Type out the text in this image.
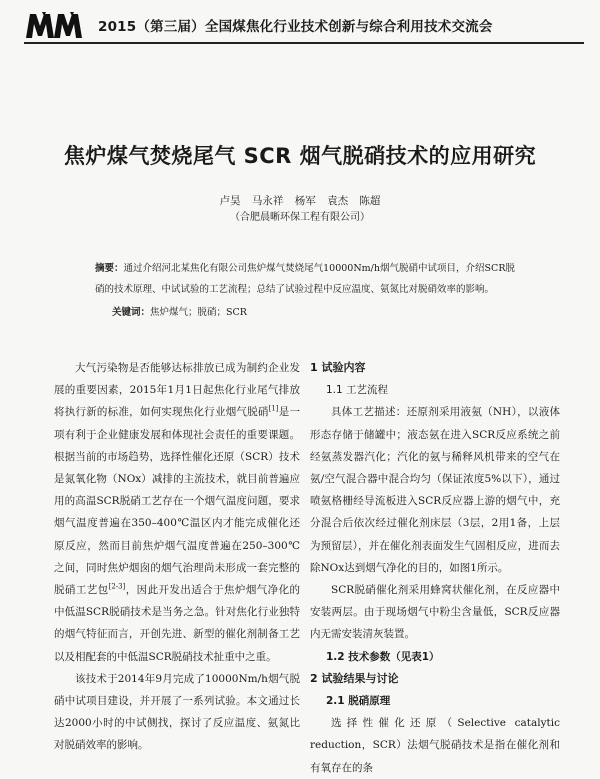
2015（第三届）全国煤焦化行业技术创新与综合利用技术交流会
焦炉煤气焚烧尾气 SCR 烟气脱硝技术的应用研究
卢昊 马永祥 杨军 袁杰 陈超
（合肥晨晰环保工程有限公司）
摘要：通过介绍河北某焦化有限公司焦炉煤气焚烧尾气10000Nm/h烟气脱硝中试项目，介绍SCR脱硝的技术原理、中试试验的工艺流程；总结了试验过程中反应温度、氨氮比对脱硝效率的影响。
关键词：焦炉煤气；脱硝；SCR

大气污染物是否能够达标排放已成为制约企业发展的重要因素，2015年1月1日起焦化行业尾气排放将执行新的标准，如何实现焦化行业烟气脱硝[1]是一项有利于企业健康发展和体现社会责任的重要课题。根据当前的市场趋势，选择性催化还原（SCR）技术是氮氧化物（NOx）减排的主流技术，就目前普遍应用的高温SCR脱硝工艺存在一个烟气温度问题，要求烟气温度普遍在350–400℃温区内才能完成催化还原反应，然而目前焦炉烟气温度普遍在250–300℃之间，同时焦炉烟囱的烟气治理尚未形成一套完整的脱硝工艺包[2-3]，因此开发出适合于焦炉烟气净化的中低温SCR脱硝技术是当务之急。针对焦化行业独特的烟气特征而言，开创先进、新型的催化剂制备工艺以及相配套的中低温SCR脱硝技术扯重中之重。

该技术于2014年9月完成了10000Nm/h烟气脱硝中试项目建设，并开展了一系列试验。本文通过长达2000小时的中试侧找，探讨了反应温度、氨氮比对脱硝效率的影响。

1 试验内容
1.1 工艺流程

具体工艺描述：还原剂采用液氨（NH），以液体形态存储于储罐中；液态氨在进入SCR反应系统之前经氨蒸发器汽化；汽化的氨与稀释风机带来的空气在氨/空气混合器中混合均匀（保证浓度5%以下），通过喷氨格栅经导流板进入SCR反应器上游的烟气中，充分混合后依次经过催化剂床层（3层，2用1备，上层为预留层），并在催化剂表面发生气固相反应，进而去除NOx达到烟气净化的目的，如图1所示。

SCR脱硝催化剂采用蜂窝状催化剂，在反应器中安装两层。由于现场烟气中粉尘含量低，SCR反应器内无需安装清灰装置。

1.2 技术参数（见表1）
2 试验结果与讨论
2.1 脱硝原理

选择性催化还原（Selective catalytic reduction，SCR）法烟气脱硝技术是指在催化剂和有氧存在的条
